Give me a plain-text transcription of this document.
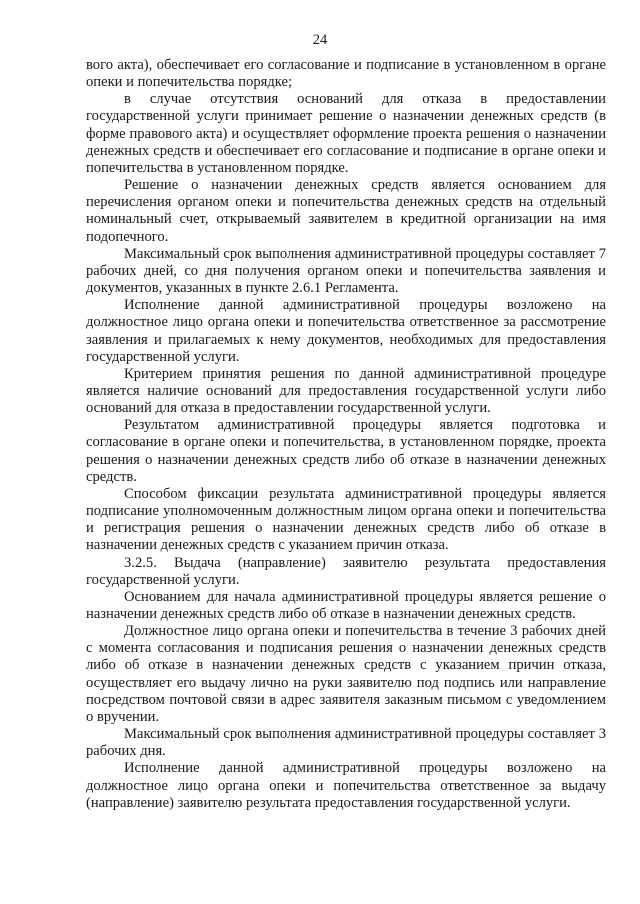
24

вого акта), обеспечивает его согласование и подписание в установленном в органе опеки и попечительства порядке;

в случае отсутствия оснований для отказа в предоставлении государственной услуги принимает решение о назначении денежных средств (в форме правового акта) и осуществляет оформление проекта решения о назначении денежных средств и обеспечивает его согласование и подписание в органе опеки и попечительства в установленном порядке.

Решение о назначении денежных средств является основанием для перечисления органом опеки и попечительства денежных средств на отдельный номинальный счет, открываемый заявителем в кредитной организации на имя подопечного.

Максимальный срок выполнения административной процедуры составляет 7 рабочих дней, со дня получения органом опеки и попечительства заявления и документов, указанных в пункте 2.6.1 Регламента.

Исполнение данной административной процедуры возложено на должностное лицо органа опеки и попечительства ответственное за рассмотрение заявления и прилагаемых к нему документов, необходимых для предоставления государственной услуги.

Критерием принятия решения по данной административной процедуре является наличие оснований для предоставления государственной услуги либо оснований для отказа в предоставлении государственной услуги.

Результатом административной процедуры является подготовка и согласование в органе опеки и попечительства, в установленном порядке, проекта решения о назначении денежных средств либо об отказе в назначении денежных средств.

Способом фиксации результата административной процедуры является подписание уполномоченным должностным лицом органа опеки и попечительства и регистрация решения о назначении денежных средств либо об отказе в назначении денежных средств с указанием причин отказа.

3.2.5. Выдача (направление) заявителю результата предоставления государственной услуги.

Основанием для начала административной процедуры является решение о назначении денежных средств либо об отказе в назначении денежных средств.

Должностное лицо органа опеки и попечительства в течение 3 рабочих дней с момента согласования и подписания решения о назначении денежных средств либо об отказе в назначении денежных средств с указанием причин отказа, осуществляет его выдачу лично на руки заявителю под подпись или направление посредством почтовой связи в адрес заявителя заказным письмом с уведомлением о вручении.

Максимальный срок выполнения административной процедуры составляет 3 рабочих дня.

Исполнение данной административной процедуры возложено на должностное лицо органа опеки и попечительства ответственное за выдачу (направление) заявителю результата предоставления государственной услуги.
